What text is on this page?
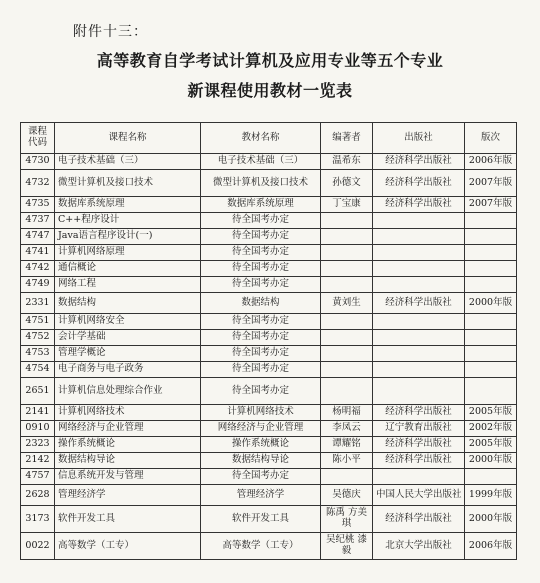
附件十三：
高等教育自学考试计算机及应用专业等五个专业
新课程使用教材一览表
课程代码	课程名称	教材名称	编著者	出版社	版次
4730	电子技术基础（三）	电子技术基础（三）	温希东	经济科学出版社	2006年版
4732	微型计算机及接口技术	微型计算机及接口技术	孙德文	经济科学出版社	2007年版
4735	数据库系统原理	数据库系统原理	丁宝康	经济科学出版社	2007年版
4737	C++程序设计	待全国考办定			
4747	Java语言程序设计(一)	待全国考办定			
4741	计算机网络原理	待全国考办定			
4742	通信概论	待全国考办定			
4749	网络工程	待全国考办定			
2331	数据结构	数据结构	黄刘生	经济科学出版社	2000年版
4751	计算机网络安全	待全国考办定			
4752	会计学基础	待全国考办定			
4753	管理学概论	待全国考办定			
4754	电子商务与电子政务	待全国考办定			
2651	计算机信息处理综合作业	待全国考办定			
2141	计算机网络技术	计算机网络技术	杨明福	经济科学出版社	2005年版
0910	网络经济与企业管理	网络经济与企业管理	李凤云	辽宁教育出版社	2002年版
2323	操作系统概论	操作系统概论	谭耀铭	经济科学出版社	2005年版
2142	数据结构导论	数据结构导论	陈小平	经济科学出版社	2000年版
4757	信息系统开发与管理	待全国考办定			
2628	管理经济学	管理经济学	吴德庆	中国人民大学出版社	1999年版
3173	软件开发工具	软件开发工具	陈禹 方美琪	经济科学出版社	2000年版
0022	高等数学（工专）	高等数学（工专）	吴纪桃 漆毅	北京大学出版社	2006年版
